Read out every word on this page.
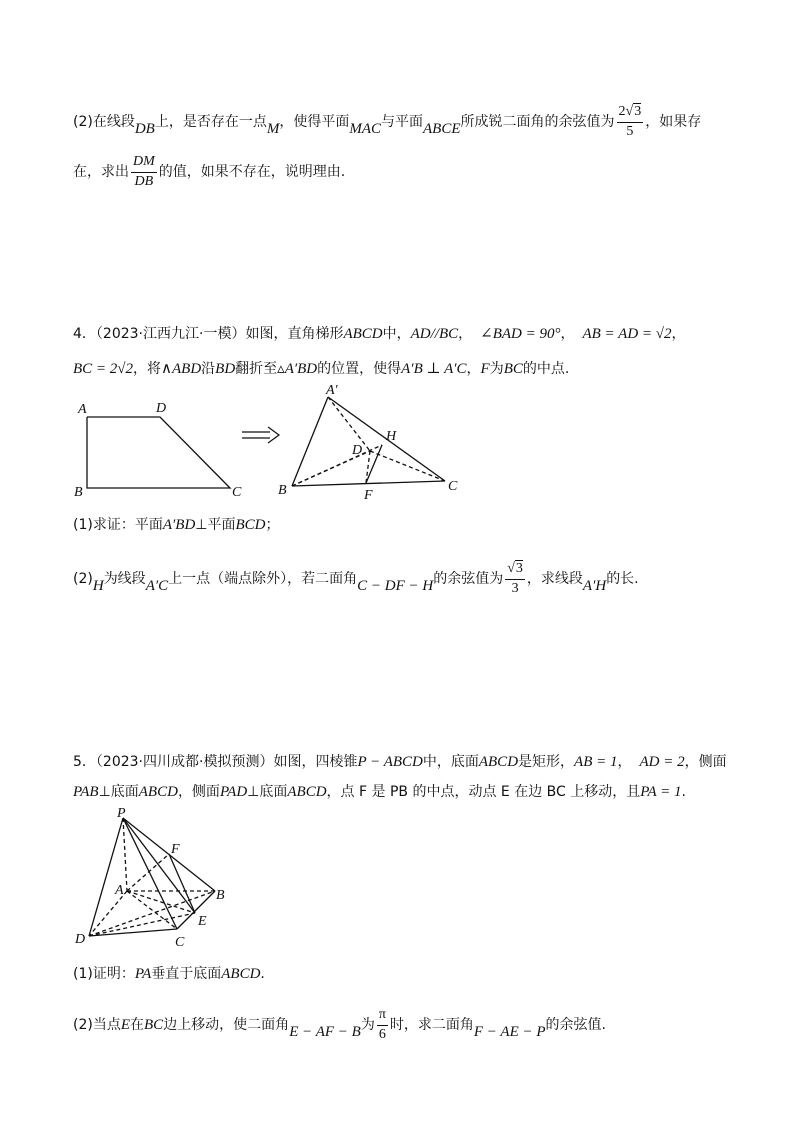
(2)在线段DB上，是否存在一点M，使得平面MAC与平面ABCE所成锐二面角的余弦值为 $\frac{2√3}{5}$ ，如果存
在，求出 $\frac{DM}{DB}$ 的值，如果不存在，说明理由.
4．（2023·江西九江·一模）如图，直角梯形ABCD中，AD//BC， ∠BAD = 90°， AB = AD = √2，
BC = 2√2，将∧ABD沿BD翻折至▵A′BD的位置，使得A′B ⊥ A′C，F为BC的中点.
A	D
B	C
A′
D
H
B	F
C
(1)求证：平面A′BD⊥平面BCD；
(2)H为线段A′C上一点（端点除外），若二面角C − DF − H的余弦值为 $\frac{√3}{3}$ ，求线段A′H的长.
5．（2023·四川成都·模拟预测）如图，四棱锥P − ABCD中，底面ABCD是矩形，AB = 1， AD = 2，侧面
PAB⊥底面ABCD，侧面PAD⊥底面ABCD，点 F 是 PB 的中点，动点 E 在边 BC 上移动，且PA = 1.
P
F
A	B
E
D	C
(1)证明：PA垂直于底面ABCD.
(2)当点E在BC边上移动，使二面角E − AF − B为 $\frac{\pi}{6}$ 时，求二面角F − AE − P的余弦值.
